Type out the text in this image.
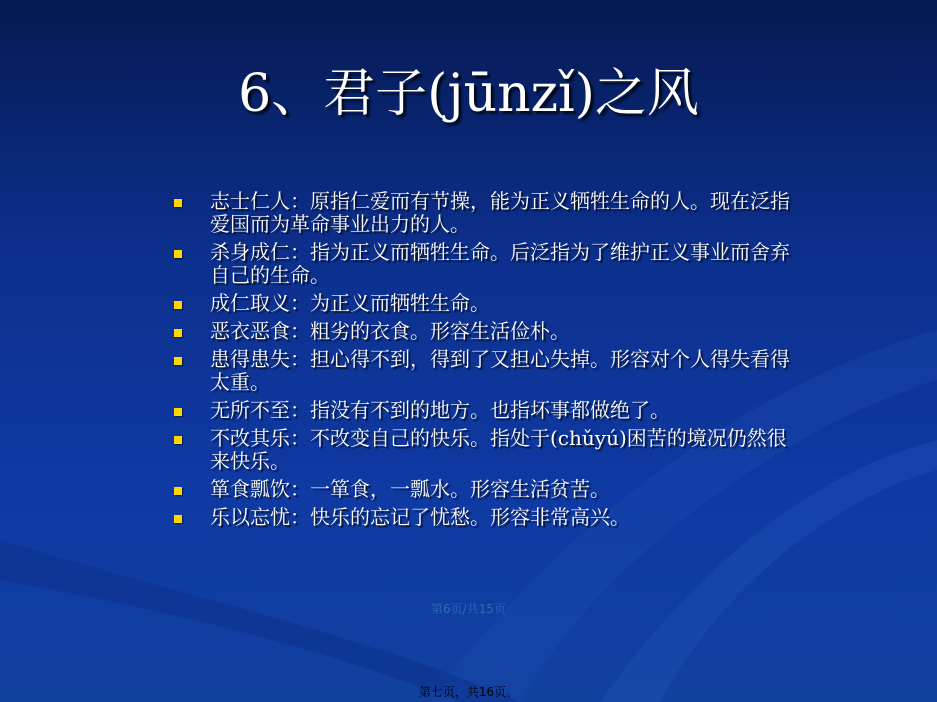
6、君子(jūnzǐ)之风
志士仁人：原指仁爱而有节操，能为正义牺牲生命的人。现在泛指爱国而为革命事业出力的人。
杀身成仁：指为正义而牺牲生命。后泛指为了维护正义事业而舍弃自己的生命。
成仁取义：为正义而牺牲生命。
恶衣恶食：粗劣的衣食。形容生活俭朴。
患得患失：担心得不到，得到了又担心失掉。形容对个人得失看得太重。
无所不至：指没有不到的地方。也指坏事都做绝了。
不改其乐：不改变自己的快乐。指处于(chǔyú)困苦的境况仍然很来快乐。
箪食瓢饮：一箪食，一瓢水。形容生活贫苦。
乐以忘忧：快乐的忘记了忧愁。形容非常高兴。
第6页/共15页
第七页，共16页。
